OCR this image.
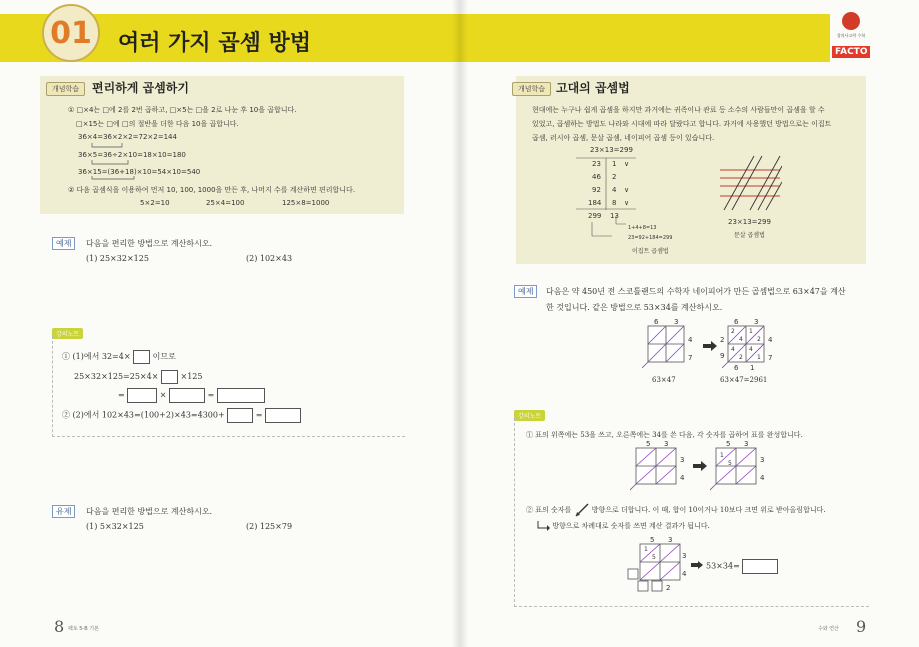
01	여러 가지 곱셈 방법	창의사고력 수학
FACTO
개념학습	편리하게 곱셈하기
① □×4는 □에 2를 2번 곱하고, □×5는 □을 2로 나눈 후 10을 곱합니다.
□×15는 □에 □의 절반을 더한 다음 10을 곱합니다.
36×4=36×2×2=72×2=144
36×5=36÷2×10=18×10=180
36×15=(36+18)×10=54×10=540
② 다음 곱셈식을 이용하여 먼저 10, 100, 1000을 만든 후, 나머지 수를 계산하면 편리합니다.
5×2=10	25×4=100	125×8=1000
예제	다음을 편리한 방법으로 계산하시오.
(1) 25×32×125	(2) 102×43
강의노트
① (1)에서 32=4×	이므로
25×32×125=25×4×	×125
=	×	=
② (2)에서 102×43=(100+2)×43=4300+	=
유제	다음을 편리한 방법으로 계산하시오.
(1) 5×32×125	(2) 125×79
8 팩토 5-B 기본
개념학습 고대의 곱셈법
현대에는 누구나 쉽게 곱셈을 하지만 과거에는 귀족이나 관료 등 소수의 사람들만이 곱셈을 할 수
있었고, 곱셈하는 방법도 나라와 시대에 따라 달랐다고 합니다. 과거에 사용했던 방법으로는 이집트
곱셈, 러시아 곱셈, 문살 곱셈, 네이피어 곱셈 등이 있습니다.
23×13=299
23 1 ∨
46 2
92 4 ∨
184 8 ∨
299 13
1+4+8=13
23=92+184=299
이집트 곱셈법
23×13=299
문살 곱셈법
예제	다음은 약 450년 전 스코틀랜드의 수학자 네이피어가 만든 곱셈법으로 63×47을 계산
한 것입니다. 같은 방법으로 53×34를 계산하시오.
6 3
4
7
63×47
6 3
4
7
2 1
4 2
4 4
2 1
2
9
6 1
63×47=2961
강의노트
① 표의 위쪽에는 53을 쓰고, 오른쪽에는 34를 쓴 다음, 각 숫자를 곱하여 표를 완성합니다.
5 3
3
4
5 3
3
4
1
5
② 표의 숫자를	방향으로 더합니다. 이 때, 합이 10이거나 10보다 크면 위로 받아올림합니다.
방향으로 차례대로 숫자를 쓰면 계산 결과가 됩니다.
5 3
3
4
1
5
2
53×34=
수와 연산 9
